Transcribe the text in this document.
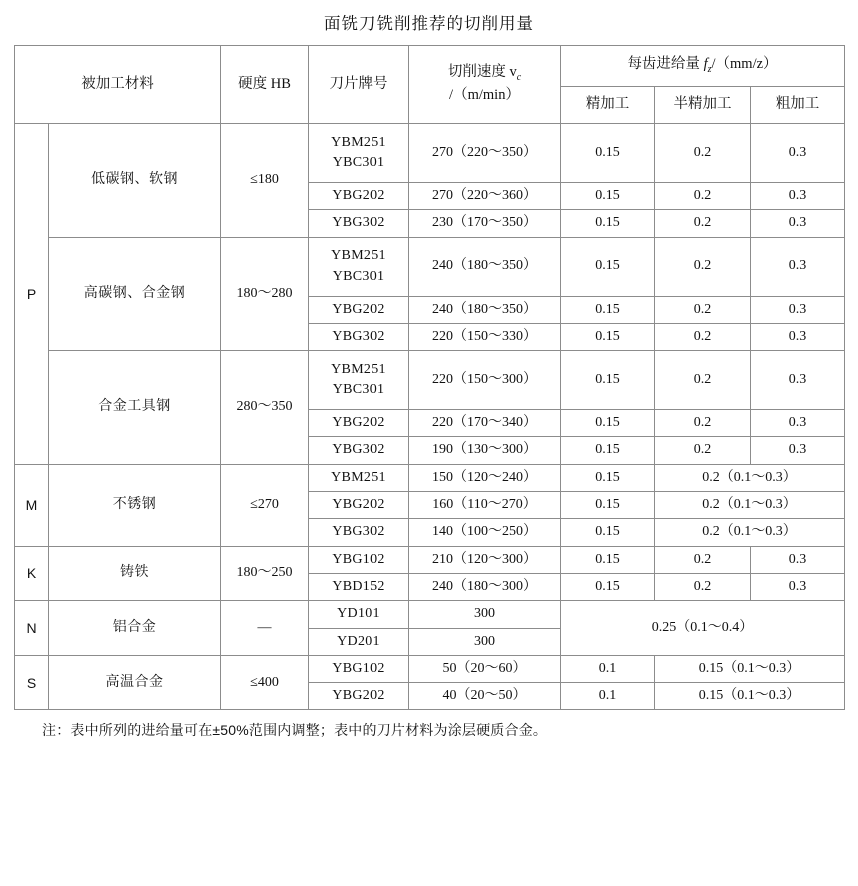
面铣刀铣削推荐的切削用量
被加工材料		硬度 HB	刀片牌号	切削速度 $v_c$
/（m/min）	每齿进给量 $f_z/(mm/z)$		
					精加工	半精加工	粗加工
P	低碳钢、软钢	≤180	YBM251
YBC301	270（220～350）	0.15	0.2	0.3

			YBG202	270（220～360）	0.15	0.2	0.3

			YBG302	230（170～350）	0.15	0.2	0.3
	高碳钢、合金钢	180～280	YBM251
YBC301	240（180～350）	0.15	0.2	0.3

			YBG202	240（180～350）	0.15	0.2	0.3

			YBG302	220（150～330）	0.15	0.2	0.3
	合金工具钢	280～350	YBM251
YBC301	220（150～300）	0.15	0.2	0.3

			YBG202	220（170～340）	0.15	0.2	0.3

			YBG302	190（130～300）	0.15	0.2	0.3
M	不锈钢	≤270	YBM251	150（120～240）	0.15	0.2（0.1～0.3）	

			YBG202	160（110～270）	0.15	0.2（0.1～0.3）	

			YBG302	140（100～250）	0.15	0.2（0.1～0.3）	
K	铸铁	180～250	YBG102	210（120～300）	0.15	0.2	0.3

			YBD152	240（180～300）	0.15	0.2	0.3
N	铝合金	—	YD101	300	0.25（0.1～0.4）		

			YD201	300			
S	高温合金	≤400	YBG102	50（20～60）	0.1	0.15（0.1～0.3）	

			YBG202	40（20～50）	0.1	0.15（0.1～0.3）	
注：表中所列的进给量可在±50%范围内调整；表中的刀片材料为涂层硬质合金。
